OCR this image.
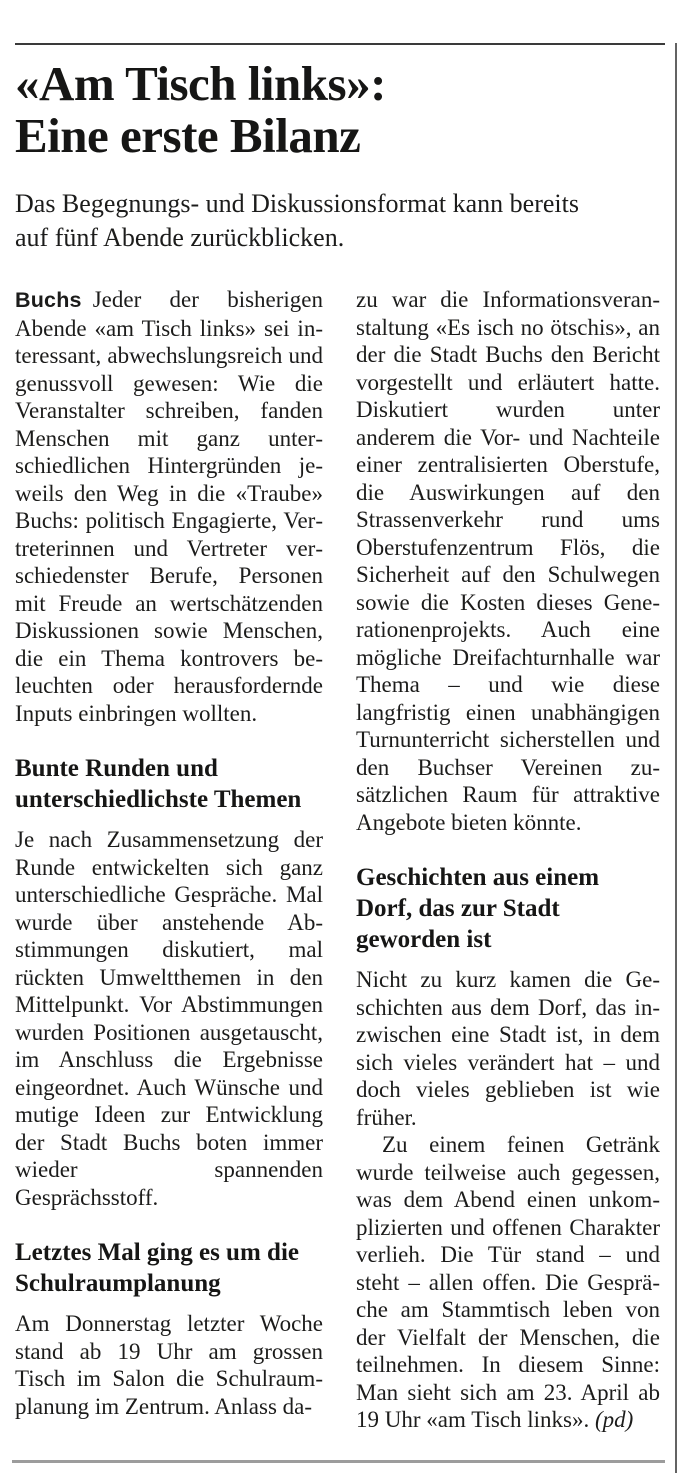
«Am Tisch links»:
Eine erste Bilanz
Das Begegnungs- und Diskussionsformat kann bereits auf fünf Abende zurückblicken.

Buchs Jeder der bisherigen Abende «am Tisch links» sei interessant, abwechslungsreich und genussvoll gewesen: Wie die Veranstalter schreiben, fanden Menschen mit ganz unterschiedlichen Hintergründen jeweils den Weg in die «Traube» Buchs: politisch Engagierte, Vertreterinnen und Vertreter verschiedenster Berufe, Personen mit Freude an wertschätzenden Diskussionen sowie Menschen, die ein Thema kontrovers beleuchten oder herausfordernde Inputs einbringen wollten.

Bunte Runden und unterschiedlichste Themen

Je nach Zusammensetzung der Runde entwickelten sich ganz unterschiedliche Gespräche. Mal wurde über anstehende Abstimmungen diskutiert, mal rückten Umweltthemen in den Mittelpunkt. Vor Abstimmungen wurden Positionen ausgetauscht, im Anschluss die Ergebnisse eingeordnet. Auch Wünsche und mutige Ideen zur Entwicklung der Stadt Buchs boten immer wieder spannenden Gesprächsstoff.

Letztes Mal ging es um die Schulraumplanung

Am Donnerstag letzter Woche stand ab 19 Uhr am grossen Tisch im Salon die Schulraumplanung im Zentrum. Anlass da-

zu war die Informationsveranstaltung «Es isch no ötschis», an der die Stadt Buchs den Bericht vorgestellt und erläutert hatte. Diskutiert wurden unter anderem die Vor- und Nachteile einer zentralisierten Oberstufe, die Auswirkungen auf den Strassenverkehr rund ums Oberstufenzentrum Flös, die Sicherheit auf den Schulwegen sowie die Kosten dieses Generationenprojekts. Auch eine mögliche Dreifachturnhalle war Thema – und wie diese langfristig einen unabhängigen Turnunterricht sicherstellen und den Buchser Vereinen zusätzlichen Raum für attraktive Angebote bieten könnte.

Geschichten aus einem Dorf, das zur Stadt geworden ist

Nicht zu kurz kamen die Geschichten aus dem Dorf, das inzwischen eine Stadt ist, in dem sich vieles verändert hat – und doch vieles geblieben ist wie früher.

Zu einem feinen Getränk wurde teilweise auch gegessen, was dem Abend einen unkomplizierten und offenen Charakter verlieh. Die Tür stand – und steht – allen offen. Die Gespräche am Stammtisch leben von der Vielfalt der Menschen, die teilnehmen. In diesem Sinne: Man sieht sich am 23. April ab 19 Uhr «am Tisch links». (pd)
